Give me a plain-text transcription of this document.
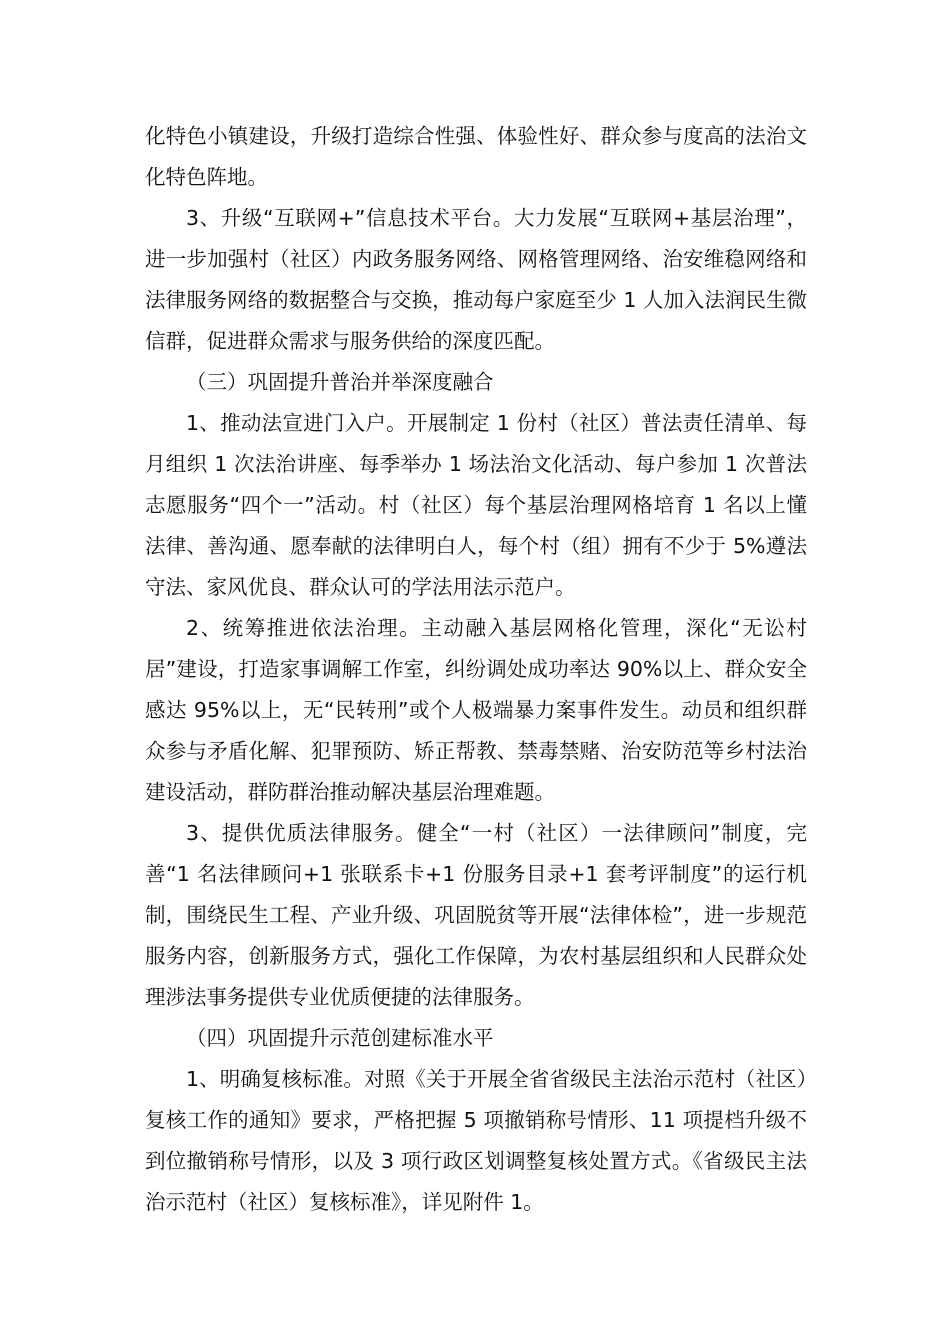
化特色小镇建设，升级打造综合性强、体验性好、群众参与度高的法治文化特色阵地。

3、升级“互联网+”信息技术平台。大力发展“互联网+基层治理”，进一步加强村（社区）内政务服务网络、网格管理网络、治安维稳网络和法律服务网络的数据整合与交换，推动每户家庭至少 1 人加入法润民生微信群，促进群众需求与服务供给的深度匹配。

（三）巩固提升普治并举深度融合

1、推动法宣进门入户。开展制定 1 份村（社区）普法责任清单、每月组织 1 次法治讲座、每季举办 1 场法治文化活动、每户参加 1 次普法志愿服务“四个一”活动。村（社区）每个基层治理网格培育 1 名以上懂法律、善沟通、愿奉献的法律明白人，每个村（组）拥有不少于 5%遵法守法、家风优良、群众认可的学法用法示范户。

2、统筹推进依法治理。主动融入基层网格化管理，深化“无讼村居”建设，打造家事调解工作室，纠纷调处成功率达 90%以上、群众安全感达 95%以上，无“民转刑”或个人极端暴力案事件发生。动员和组织群众参与矛盾化解、犯罪预防、矫正帮教、禁毒禁赌、治安防范等乡村法治建设活动，群防群治推动解决基层治理难题。

3、提供优质法律服务。健全“一村（社区）一法律顾问”制度，完善“1 名法律顾问+1 张联系卡+1 份服务目录+1 套考评制度”的运行机制，围绕民生工程、产业升级、巩固脱贫等开展“法律体检”，进一步规范服务内容，创新服务方式，强化工作保障，为农村基层组织和人民群众处理涉法事务提供专业优质便捷的法律服务。

（四）巩固提升示范创建标准水平

1、明确复核标准。对照《关于开展全省省级民主法治示范村（社区）复核工作的通知》要求，严格把握 5 项撤销称号情形、11 项提档升级不到位撤销称号情形，以及 3 项行政区划调整复核处置方式。《省级民主法治示范村（社区）复核标准》，详见附件 1。
